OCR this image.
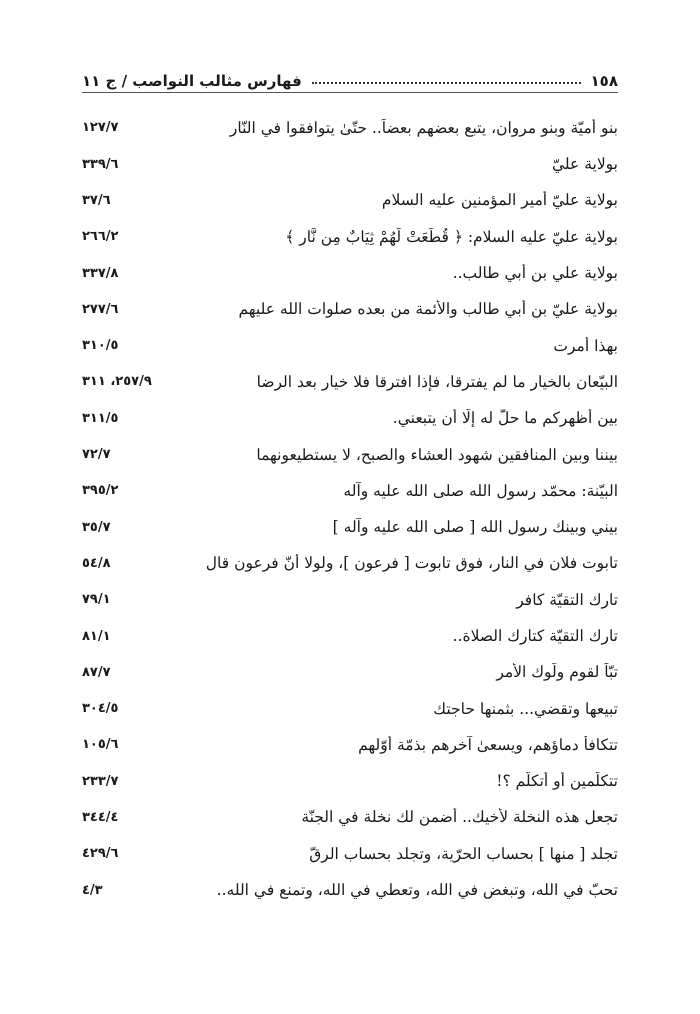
١٥٨
فهارس مثالب النواصب / ج ١١
بنو أُميّة وبنو مروان، يتبع بعضهم بعضاً.. حتّىٰ يتوافقوا في النّار
١٢٧/٧
بولاية عليّ
٣٣٩/٦
بولاية عليّ أمير المؤمنين عليه السلام
٣٧/٦
بولاية عليّ عليه السلام: ﴿ قُطِّعَتْ لَهُمْ ثِيَابٌ مِن نَّارٍ ﴾
٢٦٦/٢
بولاية علي بن أبي طالب..
٣٣٧/٨
بولاية عليّ بن أبي طالب والأئمة من بعده صلوات الله عليهم
٢٧٧/٦
بهذا أُمرت
٣١٠/٥
البيّعان بالخيار ما لم يفترقا، فإذا افترقا فلا خيار بعد الرضا
٢٥٧/٩، ٣١١
بين أظهركم ما حلّ له إلّا أن يتبعني.
٣١١/٥
بيننا وبين المنافقين شهود العشاء والصبح، لا يستطيعونهما
٧٢/٧
البيّنة: محمّد رسول الله صلى الله عليه وآله
٣٩٥/٢
بيني وبينك رسول الله [ صلى الله عليه وآله ]
٣٥/٧
تابوت فلان في النار، فوق تابوت [ فرعون ]، ولولا أنّ فرعون قال
٥٤/٨
تارك التقيّة كافر
٧٩/١
تارك التقيّة كتارك الصلاة..
٨١/١
تبّاً لقوم ولّوك الأمر
٨٧/٧
تبيعها وتقضي... بثمنها حاجتك
٣٠٤/٥
تتكافأ دماؤهم، ويسعىٰ آخرهم بذمّة أوّلهم
١٠٥/٦
تتكلّمين أو أتكلّم ؟!
٢٣٣/٧
تجعل هذه النخلة لأخيك.. أضمن لك نخلة في الجنّة
٣٤٤/٤
تجلد [ منها ] بحساب الحرّية، وتجلد بحساب الرقّ
٤٢٩/٦
تحبّ في الله، وتبغض في الله، وتعطي في الله، وتمنع في الله..
٤/٣
